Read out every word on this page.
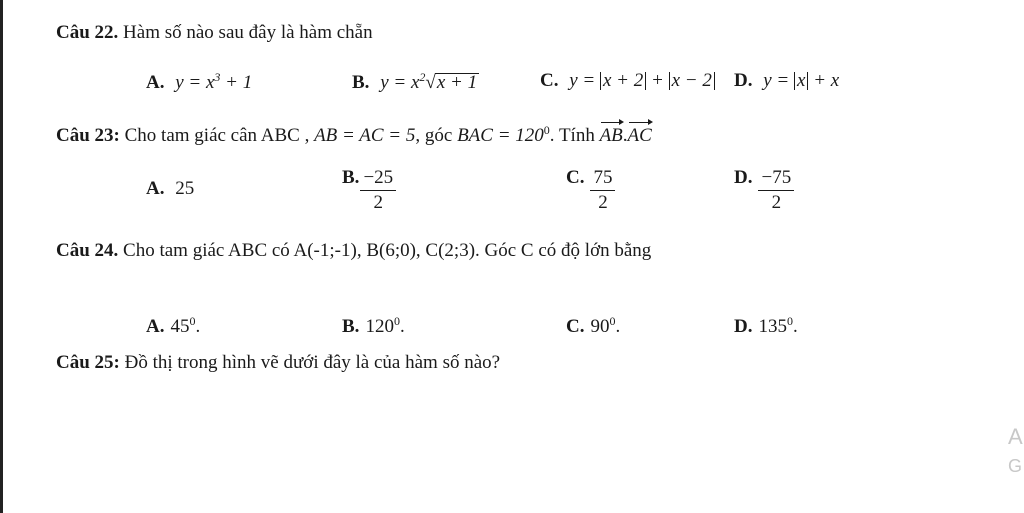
Câu 22. Hàm số nào sau đây là hàm chẵn
A. $y = x^3 + 1$	B. $y = x^2√x + 1$	C. y = x + 2 + x − 2 D. y = x + x
Câu 23: Cho tam giác cân ABC , AB = AC = 5, góc BAC = $120^0$. Tính AB.AC
A. 25
B. $\frac{-25}{2}$	C. $\frac{75}{2}$	D. $\frac{-75}{2}$
Câu 24. Cho tam giác ABC có A(-1;-1), B(6;0), C(2;3). Góc C có độ lớn bằng
A. $45^0$.	B. $120^0$.	C. $90^0$.	D. $135^0$.
Câu 25: Đồ thị trong hình vẽ dưới đây là của hàm số nào?
A
G
